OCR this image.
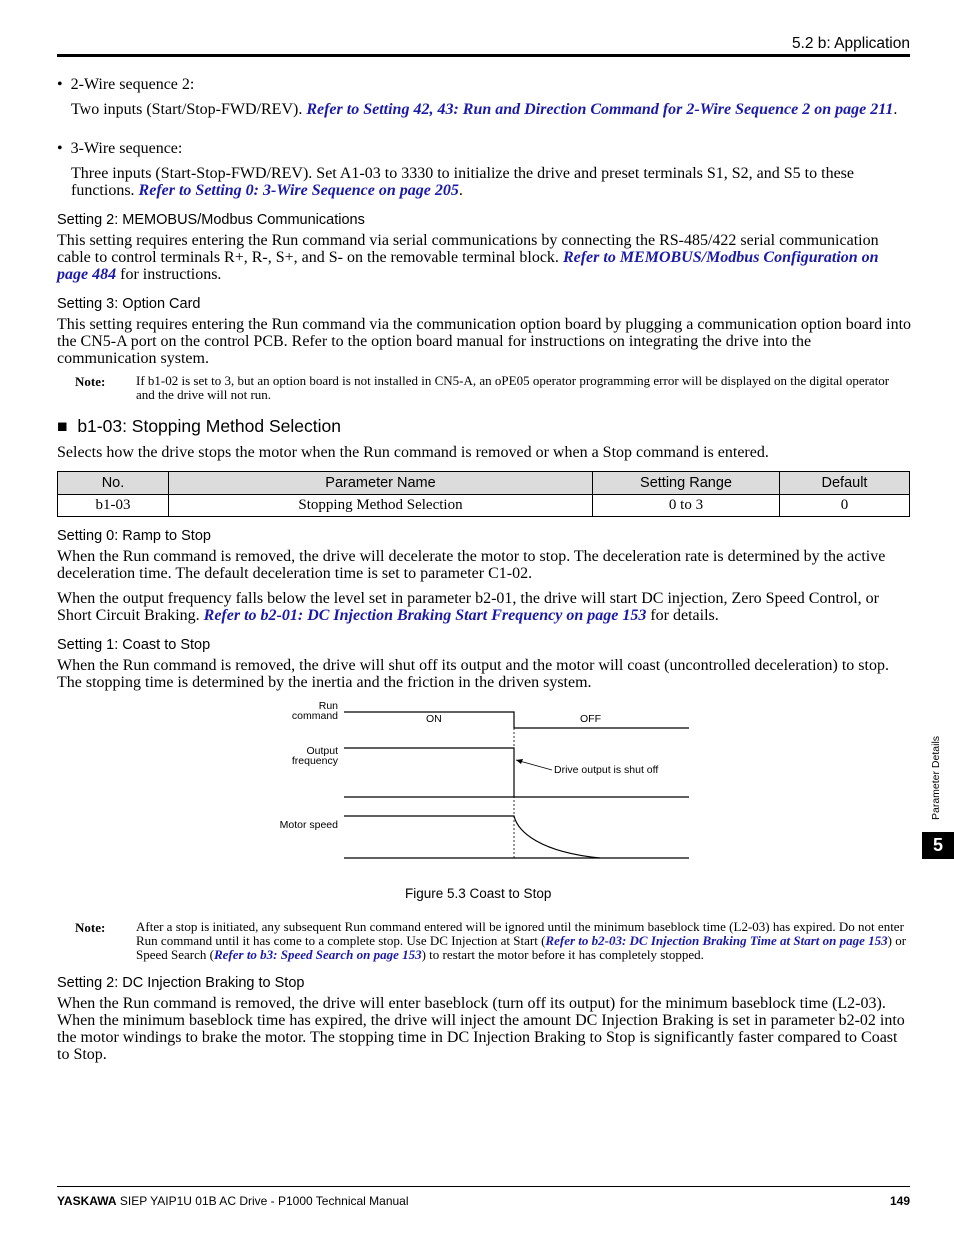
5.2 b: Application
•  2-Wire sequence 2:
Two inputs (Start/Stop-FWD/REV). Refer to Setting 42, 43: Run and Direction Command for 2-Wire Sequence 2 on page 211.
•  3-Wire sequence:
Three inputs (Start-Stop-FWD/REV). Set A1-03 to 3330 to initialize the drive and preset terminals S1, S2, and S5 to these functions. Refer to Setting 0: 3-Wire Sequence on page 205.
Setting 2: MEMOBUS/Modbus Communications
This setting requires entering the Run command via serial communications by connecting the RS-485/422 serial communication cable to control terminals R+, R-, S+, and S- on the removable terminal block. Refer to MEMOBUS/Modbus Configuration on page 484 for instructions.
Setting 3: Option Card
This setting requires entering the Run command via the communication option board by plugging a communication option board into the CN5-A port on the control PCB. Refer to the option board manual for instructions on integrating the drive into the communication system.
Note: If b1-02 is set to 3, but an option board is not installed in CN5-A, an oPE05 operator programming error will be displayed on the digital operator and the drive will not run.
■ b1-03: Stopping Method Selection
Selects how the drive stops the motor when the Run command is removed or when a Stop command is entered.
No.	Parameter Name	Setting Range	Default
b1-03	Stopping Method Selection	0 to 3	0
Setting 0: Ramp to Stop
When the Run command is removed, the drive will decelerate the motor to stop. The deceleration rate is determined by the active deceleration time. The default deceleration time is set to parameter C1-02.
When the output frequency falls below the level set in parameter b2-01, the drive will start DC injection, Zero Speed Control, or Short Circuit Braking. Refer to b2-01: DC Injection Braking Start Frequency on page 153 for details.
Setting 1: Coast to Stop
When the Run command is removed, the drive will shut off its output and the motor will coast (uncontrolled deceleration) to stop. The stopping time is determined by the inertia and the friction in the driven system.
Run
command	ON	OFF
Output
frequency
Drive output is shut off
Motor speed
Figure 5.3 Coast to Stop
Note: After a stop is initiated, any subsequent Run command entered will be ignored until the minimum baseblock time (L2-03) has expired. Do not enter Run command until it has come to a complete stop. Use DC Injection at Start (Refer to b2-03: DC Injection Braking Time at Start on page 153) or Speed Search (Refer to b3: Speed Search on page 153) to restart the motor before it has completely stopped.
Setting 2: DC Injection Braking to Stop
When the Run command is removed, the drive will enter baseblock (turn off its output) for the minimum baseblock time (L2-03). When the minimum baseblock time has expired, the drive will inject the amount DC Injection Braking is set in parameter b2-02 into the motor windings to brake the motor. The stopping time in DC Injection Braking to Stop is significantly faster compared to Coast to Stop.
Parameter Details
5
YASKAWA SIEP YAIP1U 01B AC Drive - P1000 Technical Manual	149
